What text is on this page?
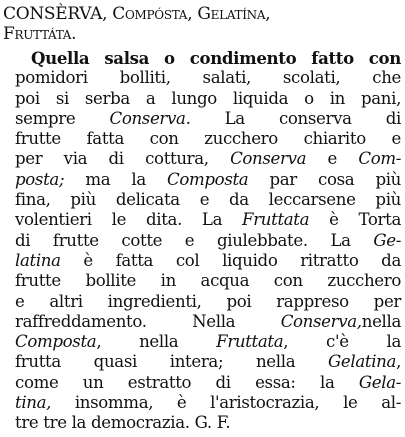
CONSÈRVA, Compósta, Gelatína,
Fruttáta.
Quella salsa o condimento fatto con
pomidori bolliti, salati, scolati, che
poi si serba a lungo liquida o in pani,
sempre Conserva. La conserva di
frutte fatta con zucchero chiarito e
per via di cottura, Conserva e Com-
posta; ma la Composta par cosa più
fina, più delicata e da leccarsene più
volentieri le dita. La Fruttata è Torta
di frutte cotte e giulebbate. La Ge-
latina è fatta col liquido ritratto da
frutte bollite in acqua con zucchero
e altri ingredienti, poi rappreso per
raffreddamento. Nella Conserva,nella
Composta, nella Fruttata, c'è la
frutta quasi intera; nella Gelatina,
come un estratto di essa: la Gela-
tina, insomma, è l'aristocrazia, le al-
tre tre la democrazia. G. F.
